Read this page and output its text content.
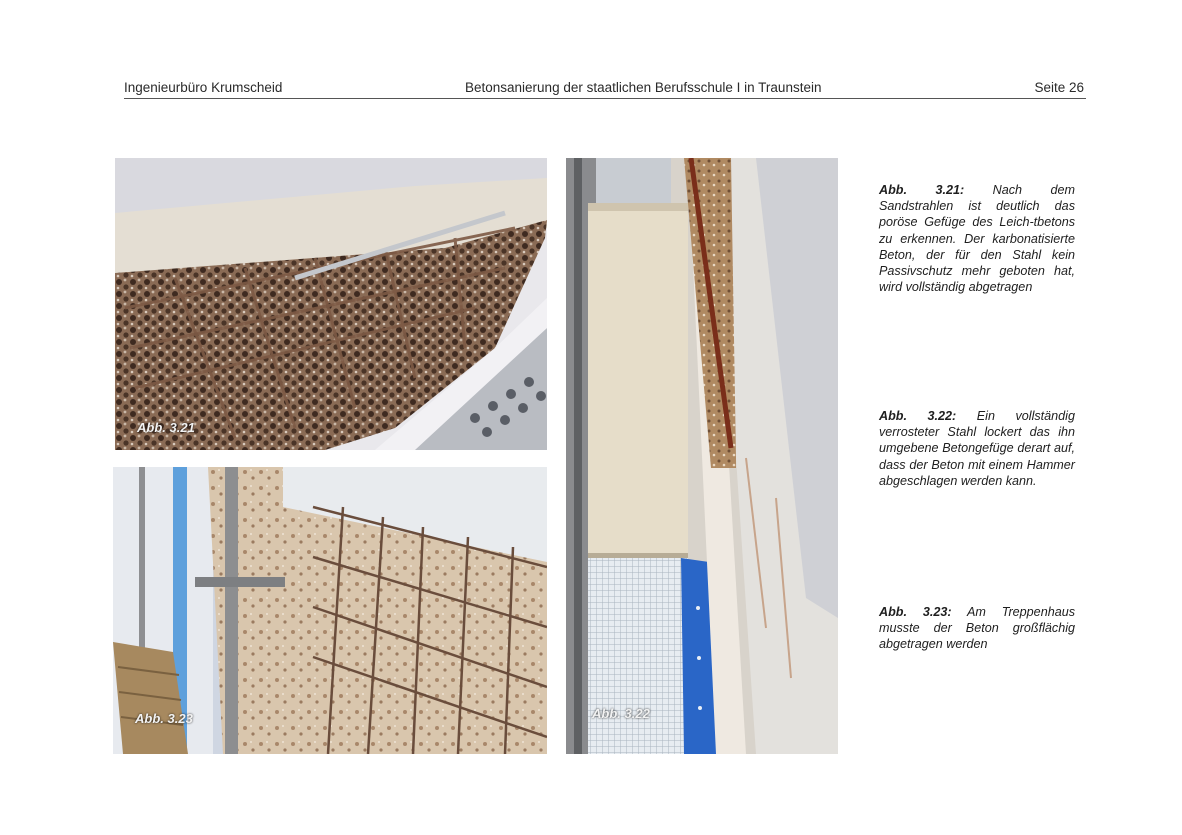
Ingenieurbüro Krumscheid	Betonsanierung der staatlichen Berufsschule I in Traunstein	Seite 26
Abb. 3.21
Abb. 3.23	Abb. 3.22
Abb. 3.21: Nach dem Sandstrahlen ist deutlich das poröse Gefüge des Leich-tbetons zu erkennen. Der karbonatisierte Beton, der für den Stahl kein Passivschutz mehr geboten hat, wird vollständig abgetragen
Abb. 3.22: Ein vollständig verrosteter Stahl lockert das ihn umgebene Betongefüge derart auf, dass der Beton mit einem Hammer abgeschlagen werden kann.
Abb. 3.23: Am Treppenhaus musste der Beton großflächig abgetragen werden
